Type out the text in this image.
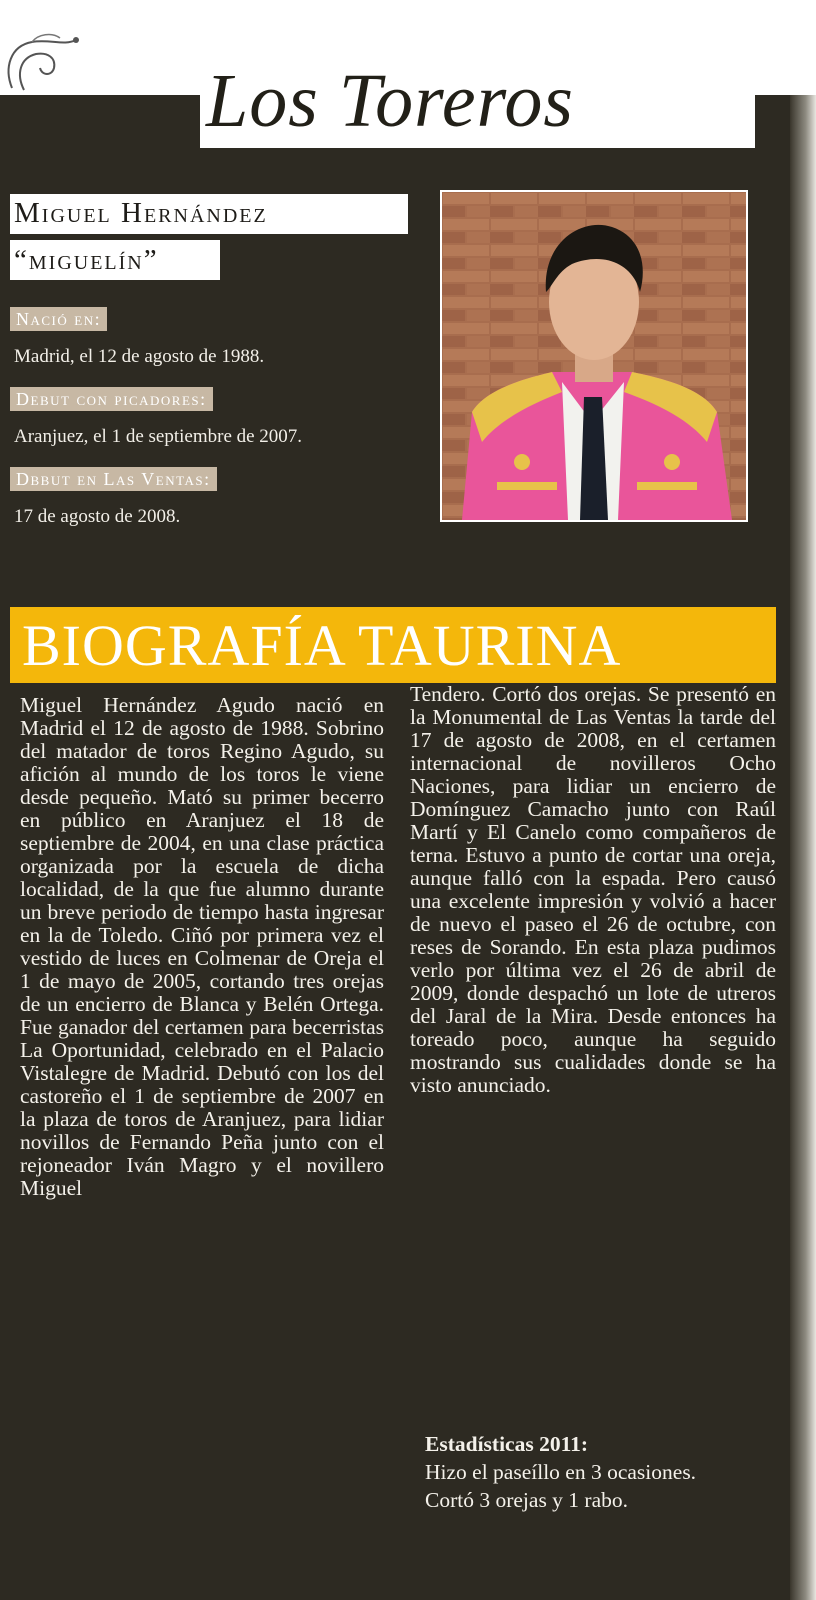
Los Toreros
Miguel Hernández
“miguelín”
Nació en:
Madrid, el 12 de agosto de 1988.
Debut con picadores:
Aranjuez, el 1 de septiembre de 2007.
Dbbut en Las Ventas:
17 de agosto de 2008.
BIOGRAFÍA TAURINA
Miguel Hernández Agudo nació en Madrid el 12 de agosto de 1988. Sobrino del matador de toros Regino Agudo, su afición al mundo de los toros le viene desde pequeño. Mató su primer becerro en público en Aranjuez el 18 de septiembre de 2004, en una clase práctica organizada por la escuela de dicha localidad, de la que fue alumno durante un breve periodo de tiempo hasta ingresar en la de Toledo. Ciñó por primera vez el vestido de luces en Colmenar de Oreja el 1 de mayo de 2005, cortando tres orejas de un encierro de Blanca y Belén Ortega. Fue ganador del certamen para becerristas La Oportunidad, celebrado en el Palacio Vistalegre de Madrid. Debutó con los del castoreño el 1 de septiembre de 2007 en la plaza de toros de Aranjuez, para lidiar novillos de Fernando Peña junto con el rejoneador Iván Magro y el novillero Miguel
Tendero. Cortó dos orejas. Se presentó en la Monumental de Las Ventas la tarde del 17 de agosto de 2008, en el certamen internacional de novilleros Ocho Naciones, para lidiar un encierro de Domínguez Camacho junto con Raúl Martí y El Canelo como compañeros de terna. Estuvo a punto de cortar una oreja, aunque falló con la espada. Pero causó una excelente impresión y volvió a hacer de nuevo el paseo el 26 de octubre, con reses de Sorando. En esta plaza pudimos verlo por última vez el 26 de abril de 2009, donde despachó un lote de utreros del Jaral de la Mira. Desde entonces ha toreado poco, aunque ha seguido mostrando sus cualidades donde se ha visto anunciado.
Estadísticas 2011:
Hizo el paseíllo en 3 ocasiones.
Cortó 3 orejas y 1 rabo.
